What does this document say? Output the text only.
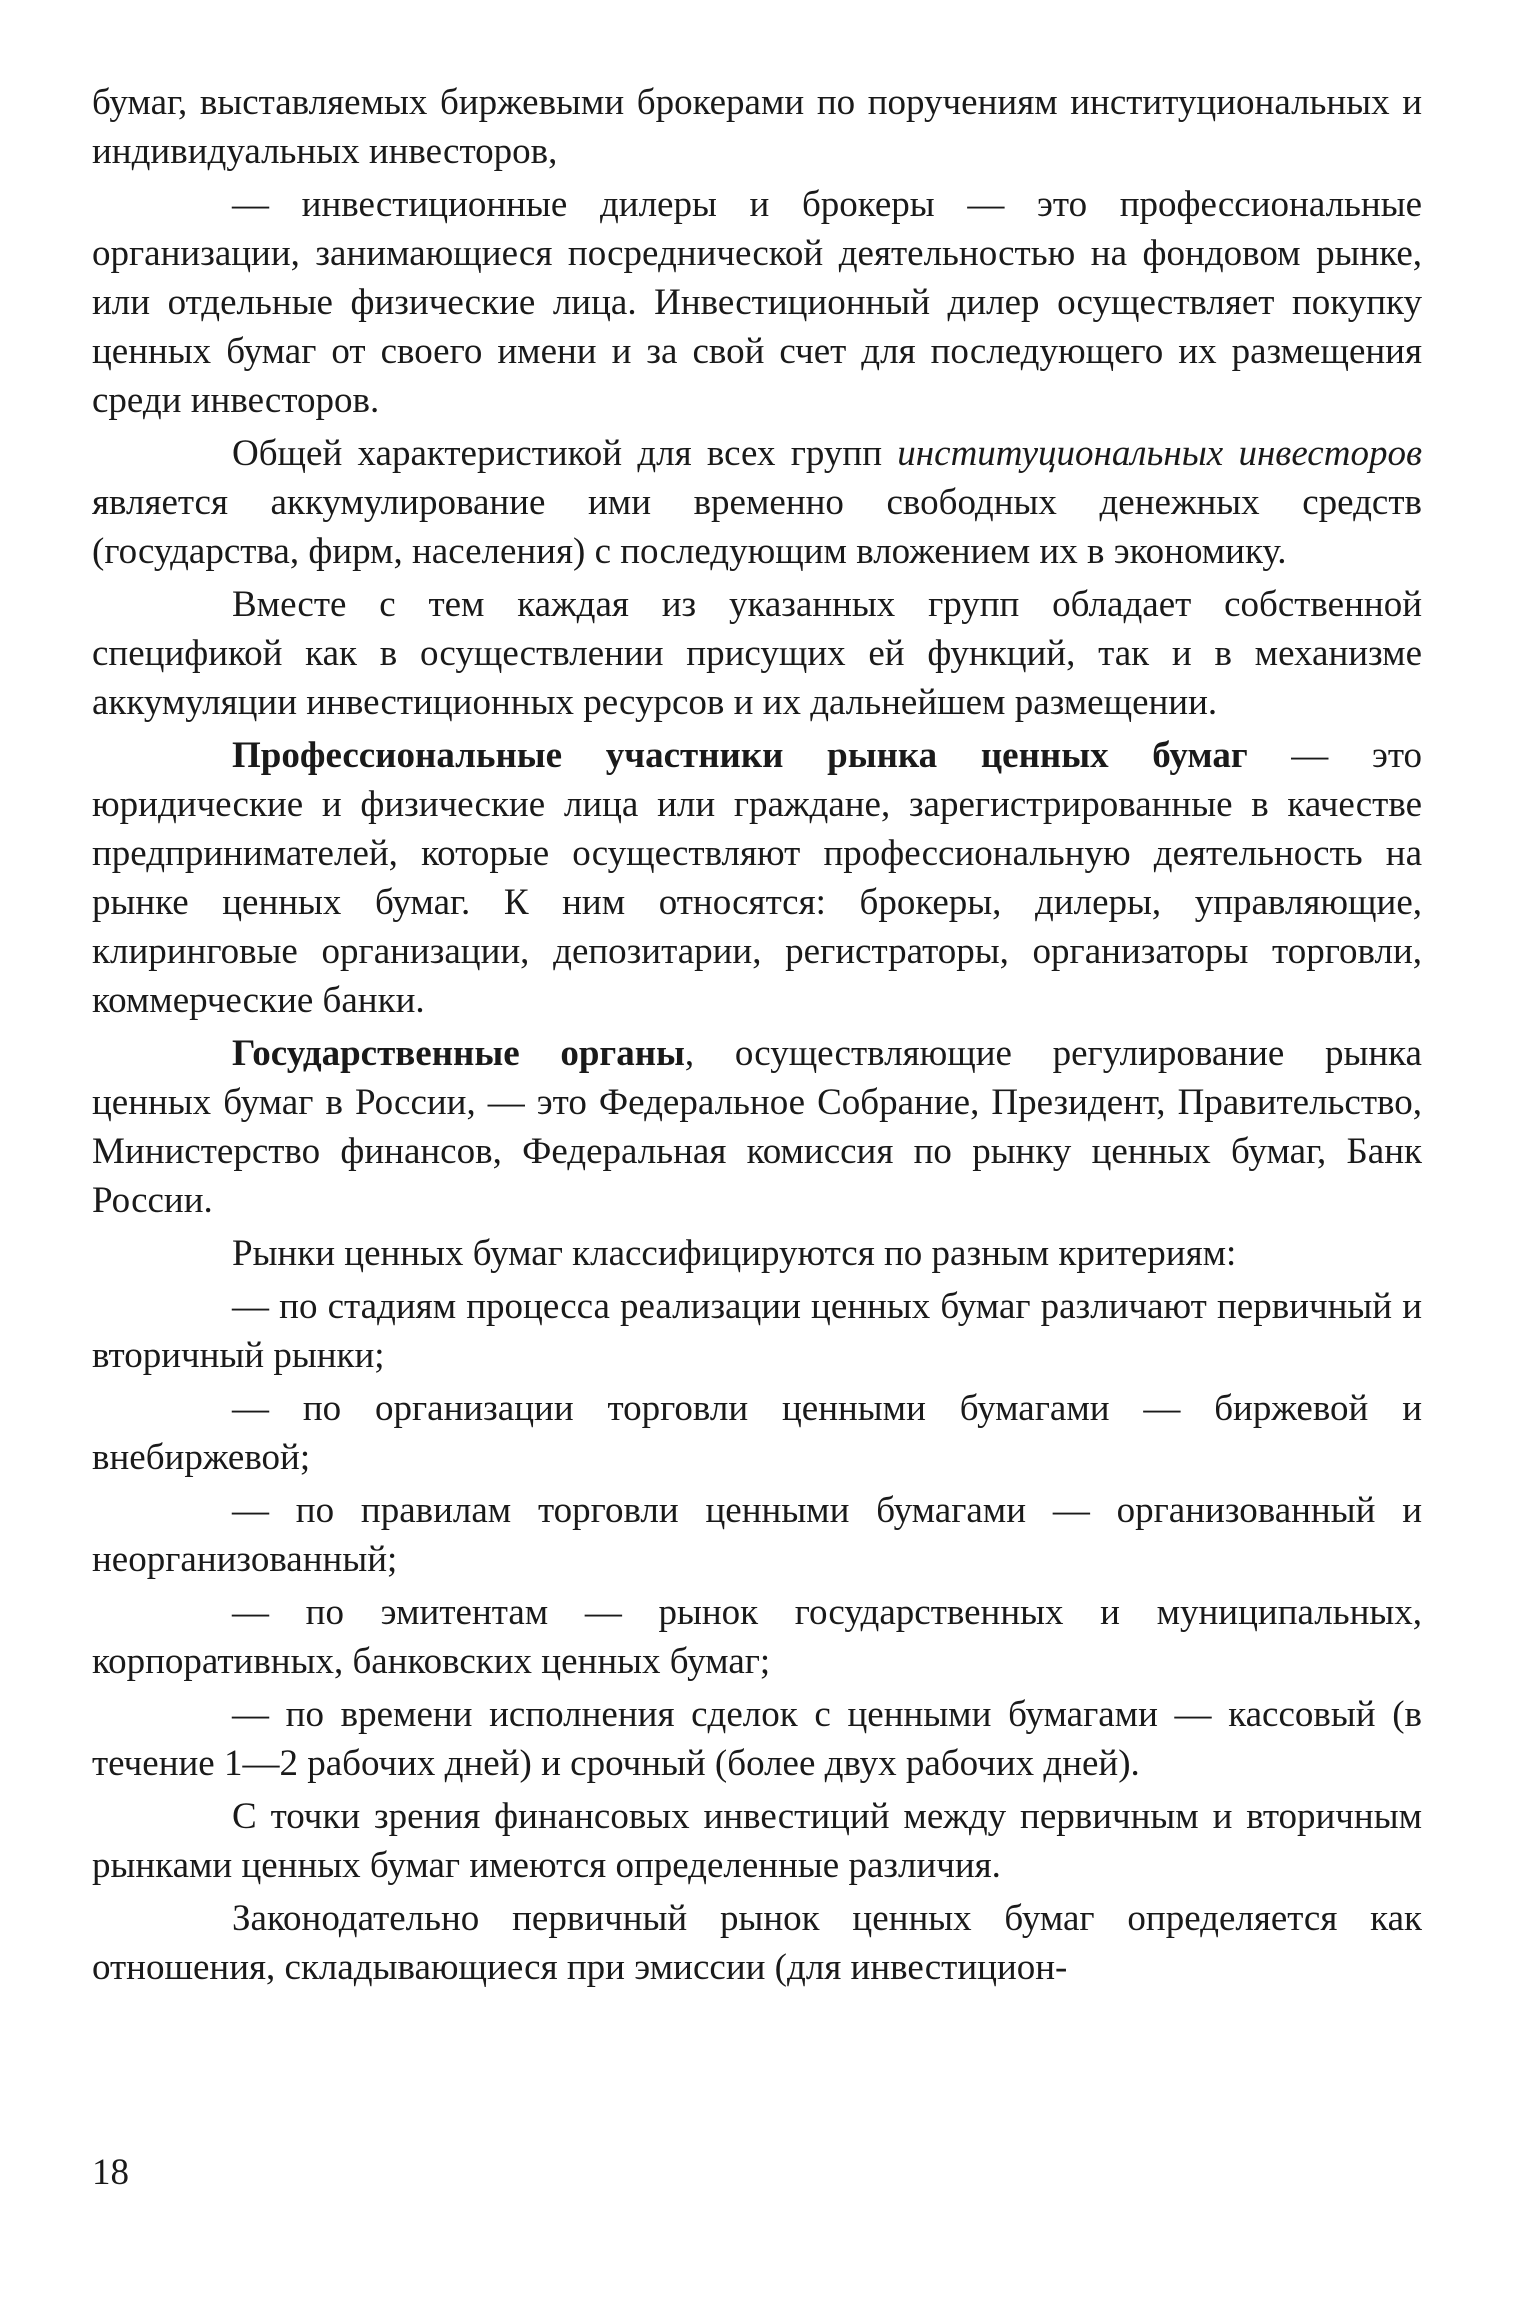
бумаг, выставляемых биржевыми брокерами по поручениям институциональных и индивидуальных инвесторов,

— инвестиционные дилеры и брокеры — это профессиональные организации, занимающиеся посреднической деятельностью на фондовом рынке, или отдельные физические лица. Инвестиционный дилер осуществляет покупку ценных бумаг от своего имени и за свой счет для последующего их размещения среди инвесторов.

Общей характеристикой для всех групп институциональных инвесторов является аккумулирование ими временно свободных денежных средств (государства, фирм, населения) с последующим вложением их в экономику.

Вместе с тем каждая из указанных групп обладает собственной спецификой как в осуществлении присущих ей функций, так и в механизме аккумуляции инвестиционных ресурсов и их дальнейшем размещении.

Профессиональные участники рынка ценных бумаг — это юридические и физические лица или граждане, зарегистрированные в качестве предпринимателей, которые осуществляют профессиональную деятельность на рынке ценных бумаг. К ним относятся: брокеры, дилеры, управляющие, клиринговые организации, депозитарии, регистраторы, организаторы торговли, коммерческие банки.

Государственные органы, осуществляющие регулирование рынка ценных бумаг в России, — это Федеральное Собрание, Президент, Правительство, Министерство финансов, Федеральная комиссия по рынку ценных бумаг, Банк России.

Рынки ценных бумаг классифицируются по разным критериям:

— по стадиям процесса реализации ценных бумаг различают первичный и вторичный рынки;

— по организации торговли ценными бумагами — биржевой и внебиржевой;

— по правилам торговли ценными бумагами — организованный и неорганизованный;

— по эмитентам — рынок государственных и муниципальных, корпоративных, банковских ценных бумаг;

— по времени исполнения сделок с ценными бумагами — кассовый (в течение 1—2 рабочих дней) и срочный (более двух рабочих дней).

С точки зрения финансовых инвестиций между первичным и вторичным рынками ценных бумаг имеются определенные различия.

Законодательно первичный рынок ценных бумаг определяется как отношения, складывающиеся при эмиссии (для инвестицион-

18
